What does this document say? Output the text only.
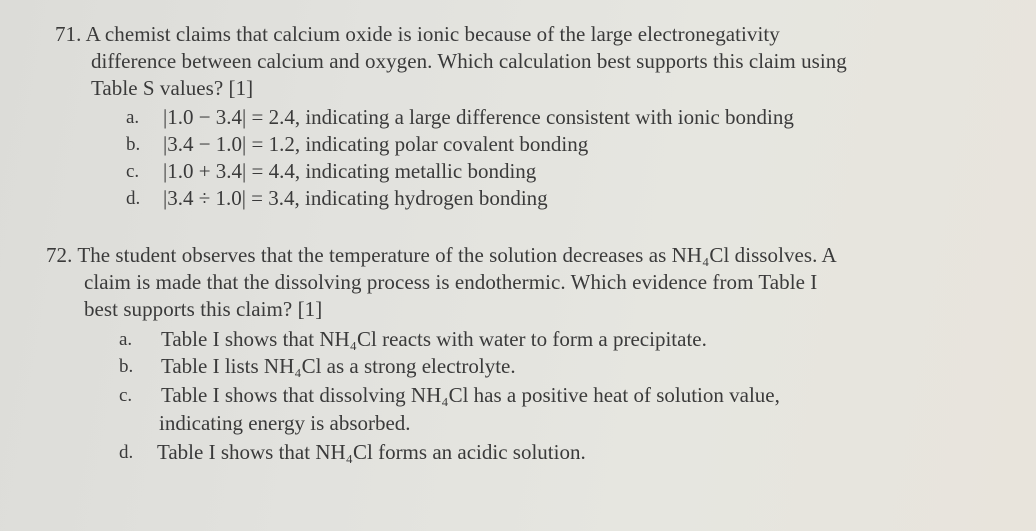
71. A chemist claims that calcium oxide is ionic because of the large electronegativity
difference between calcium and oxygen. Which calculation best supports this claim using
Table S values? [1]
a. |1.0 − 3.4| = 2.4, indicating a large difference consistent with ionic bonding
b. |3.4 − 1.0| = 1.2, indicating polar covalent bonding
c. |1.0 + 3.4| = 4.4, indicating metallic bonding
d. |3.4 ÷ 1.0| = 3.4, indicating hydrogen bonding
72. The student observes that the temperature of the solution decreases as NH₄Cl dissolves. A
claim is made that the dissolving process is endothermic. Which evidence from Table I
best supports this claim? [1]
a. Table I shows that NH₄Cl reacts with water to form a precipitate.
b. Table I lists NH₄Cl as a strong electrolyte.
c. Table I shows that dissolving NH₄Cl has a positive heat of solution value,
indicating energy is absorbed.
d. Table I shows that NH₄Cl forms an acidic solution.
